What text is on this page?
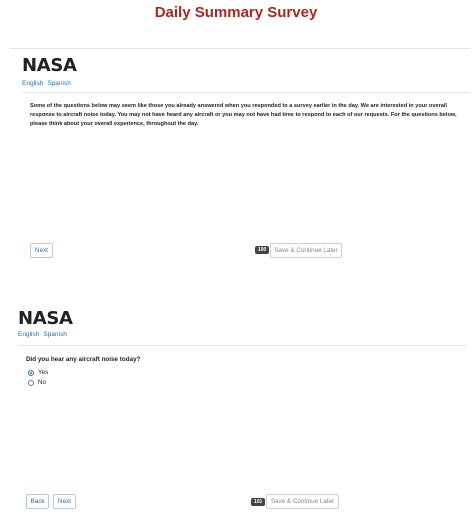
Daily Summary Survey
NASA
English Spanish
Some of the questions below may seem like those you already answered when you responded to a survey earlier in the day. We are interested in your overall response to aircraft noise today. You may not have heard any aircraft or you may not have had time to respond to each of our requests. For the questions below, please think about your overall experience, throughout the day.
Next	100	Save & Continue Later
NASA
English Spanish
Did you hear any aircraft noise today?
Yes
No
Back	Next	101	Save & Continue Later
